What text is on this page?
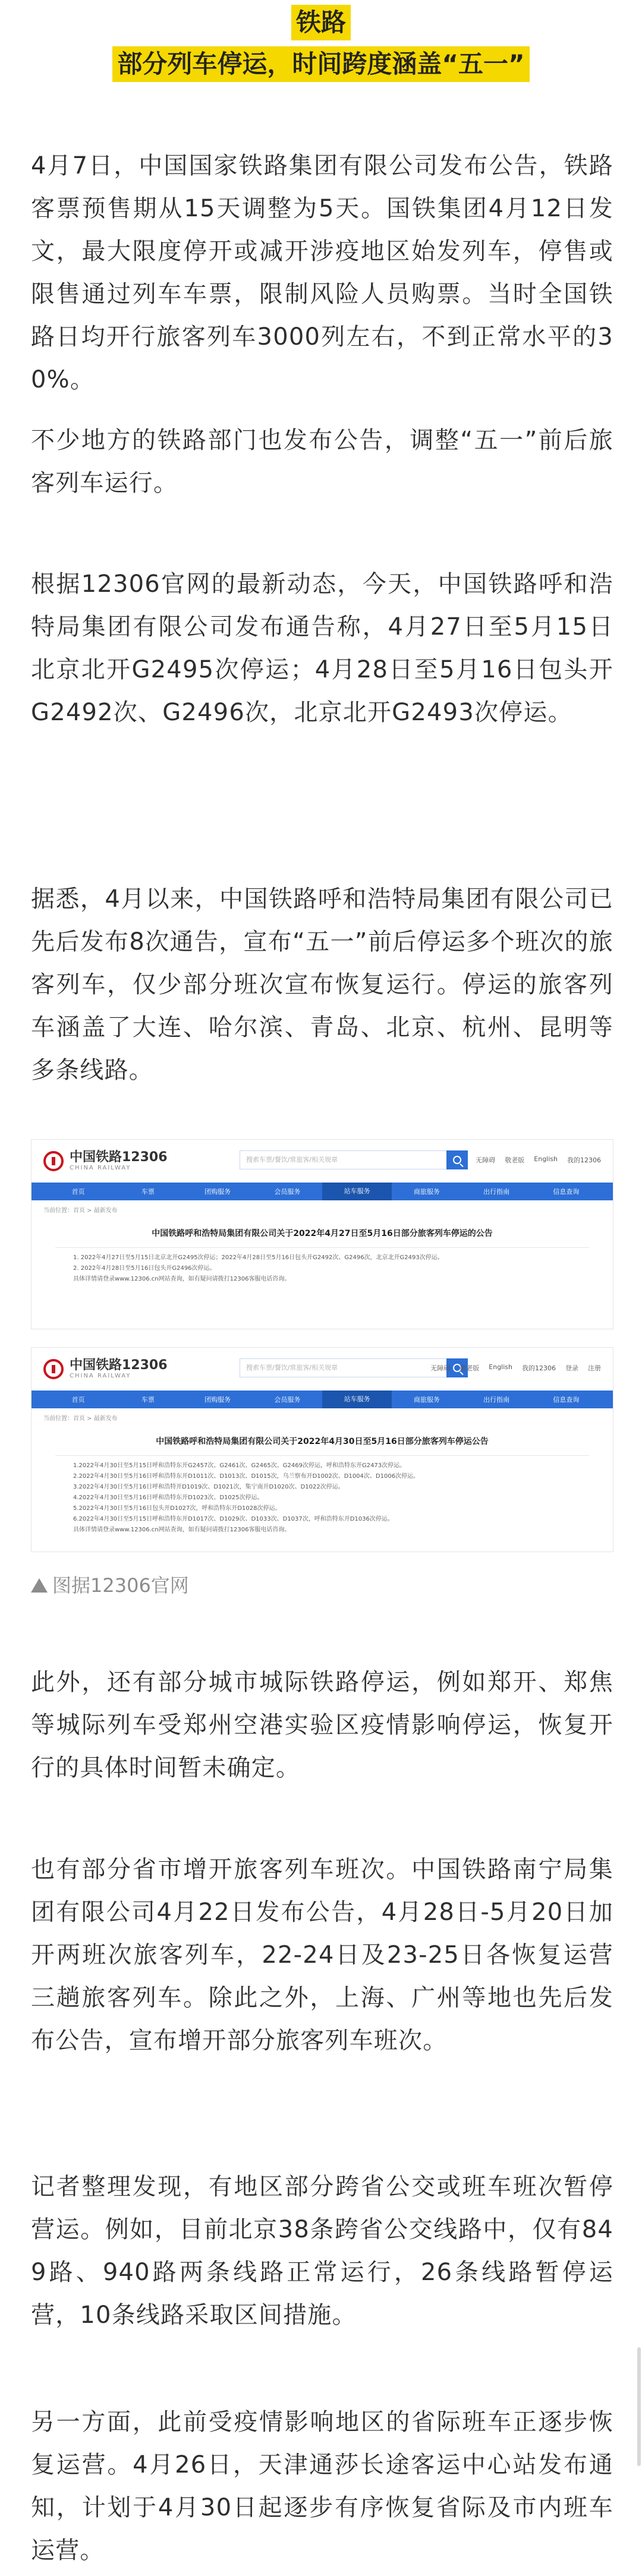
铁路
部分列车停运，时间跨度涵盖“五一”

4月7日，中国国家铁路集团有限公司发布公告，铁路客票预售期从15天调整为5天。国铁集团4月12日发文，最大限度停开或减开涉疫地区始发列车，停售或限售通过列车车票，限制风险人员购票。当时全国铁路日均开行旅客列车3000列左右，不到正常水平的30%。

不少地方的铁路部门也发布公告，调整“五一”前后旅客列车运行。

根据12306官网的最新动态，今天，中国铁路呼和浩特局集团有限公司发布通告称，4月27日至5月15日北京北开G2495次停运；4月28日至5月16日包头开G2492次、G2496次，北京北开G2493次停运。

据悉，4月以来，中国铁路呼和浩特局集团有限公司已先后发布8次通告，宣布“五一”前后停运多个班次的旅客列车，仅少部分班次宣布恢复运行。停运的旅客列车涵盖了大连、哈尔滨、青岛、北京、杭州、昆明等多条线路。

中国铁路12306
CHINA RAILWAY
搜索车票/餐饮/常旅客/相关规章	无障碍 敬老版 English 我的12306
首页	车票	团购服务	会员服务	站车服务	商旅服务	出行指南	信息查询
当前位置：首页 > 最新发布
中国铁路呼和浩特局集团有限公司关于2022年4月27日至5月16日部分旅客列车停运的公告
1. 2022年4月27日至5月15日北京北开G2495次停运；2022年4月28日至5月16日包头开G2492次、G2496次，北京北开G2493次停运。
2. 2022年4月28日至5月16日包头开G2496次停运。
具体详情请登录www.12306.cn网站查询，如有疑问请拨打12306客服电话咨询。
中国铁路12306
CHINA RAILWAY
搜索车票/餐饮/常旅客/相关规章	无障碍 敬老版 English 我的12306 登录 注册
首页	车票	团购服务	会员服务	站车服务	商旅服务	出行指南	信息查询
当前位置：首页 > 最新发布
中国铁路呼和浩特局集团有限公司关于2022年4月30日至5月16日部分旅客列车停运公告
1.2022年4月30日至5月15日呼和浩特东开G2457次、G2461次、G2465次、G2469次停运，呼和浩特东开G2473次停运。
2.2022年4月30日至5月16日呼和浩特东开D1011次、D1013次、D1015次，乌兰察布开D1002次、D1004次、D1006次停运。
3.2022年4月30日至5月16日呼和浩特开D1019次、D1021次，集宁南开D1020次、D1022次停运。
4.2022年4月30日至5月16日呼和浩特东开D1023次、D1025次停运。
5.2022年4月30日至5月16日包头开D1027次，呼和浩特东开D1028次停运。
6.2022年4月30日至5月15日呼和浩特东开D1017次、D1029次、D1033次、D1037次，呼和浩特东开D1036次停运。
具体详情请登录www.12306.cn网站查询，如有疑问请拨打12306客服电话咨询。
图据12306官网

此外，还有部分城市城际铁路停运，例如郑开、郑焦等城际列车受郑州空港实验区疫情影响停运，恢复开行的具体时间暂未确定。

也有部分省市增开旅客列车班次。中国铁路南宁局集团有限公司4月22日发布公告，4月28日-5月20日加开两班次旅客列车，22-24日及23-25日各恢复运营三趟旅客列车。除此之外，上海、广州等地也先后发布公告，宣布增开部分旅客列车班次。

记者整理发现，有地区部分跨省公交或班车班次暂停营运。例如，目前北京38条跨省公交线路中，仅有849路、940路两条线路正常运行，26条线路暂停运营，10条线路采取区间措施。

另一方面，此前受疫情影响地区的省际班车正逐步恢复运营。4月26日，天津通莎长途客运中心站发布通知，计划于4月30日起逐步有序恢复省际及市内班车运营。
